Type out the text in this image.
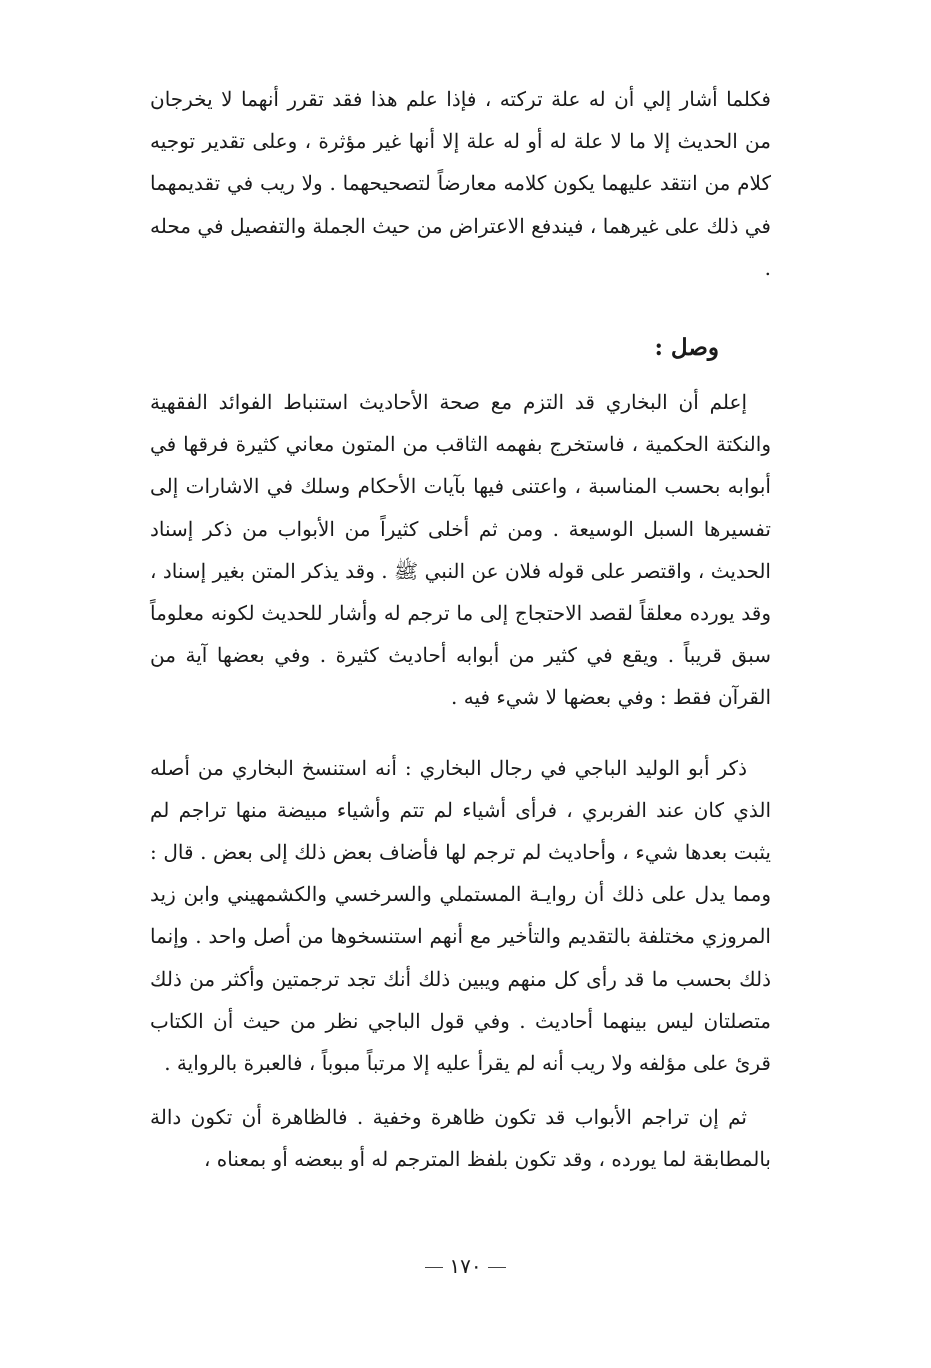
فكلما أشار إلي أن له علة تركته ، فإذا علم هذا فقد تقرر أنهما لا يخرجان من الحديث إلا ما لا علة له أو له علة إلا أنها غير مؤثرة ، وعلى تقدير توجيه كلام من انتقد عليهما يكون كلامه معارضاً لتصحيحهما . ولا ريب في تقديمهما في ذلك على غيرهما ، فيندفع الاعتراض من حيث الجملة والتفصيل في محله .

وصل :

إعلم أن البخاري قد التزم مع صحة الأحاديث استنباط الفوائد الفقهية والنكتة الحكمية ، فاستخرج بفهمه الثاقب من المتون معاني كثيرة فرقها في أبوابه بحسب المناسبة ، واعتنى فيها بآيات الأحكام وسلك في الاشارات إلى تفسيرها السبل الوسيعة . ومن ثم أخلى كثيراً من الأبواب من ذكر إسناد الحديث ، واقتصر على قوله فلان عن النبي ﷺ . وقد يذكر المتن بغير إسناد ، وقد يورده معلقاً لقصد الاحتجاج إلى ما ترجم له وأشار للحديث لكونه معلوماً سبق قريباً . ويقع في كثير من أبوابه أحاديث كثيرة . وفي بعضها آية من القرآن فقط : وفي بعضها لا شيء فيه .

ذكر أبو الوليد الباجي في رجال البخاري : أنه استنسخ البخاري من أصله الذي كان عند الفربري ، فرأى أشياء لم تتم وأشياء مبيضة منها تراجم لم يثبت بعدها شيء ، وأحاديث لم ترجم لها فأضاف بعض ذلك إلى بعض . قال : ومما يدل على ذلك أن روايـة المستملي والسرخسي والكشمهيني وابن زيد المروزي مختلفة بالتقديم والتأخير مع أنهم استنسخوها من أصل واحد . وإنما ذلك بحسب ما قد رأى كل منهم ويبين ذلك أنك تجد ترجمتين وأكثر من ذلك متصلتان ليس بينهما أحاديث . وفي قول الباجي نظر من حيث أن الكتاب قرئ على مؤلفه ولا ريب أنه لم يقرأ عليه إلا مرتباً مبوباً ، فالعبرة بالرواية .

ثم إن تراجم الأبواب قد تكون ظاهرة وخفية . فالظاهرة أن تكون دالة بالمطابقة لما يورده ، وقد تكون بلفظ المترجم له أو ببعضه أو بمعناه ،

١٧٠
